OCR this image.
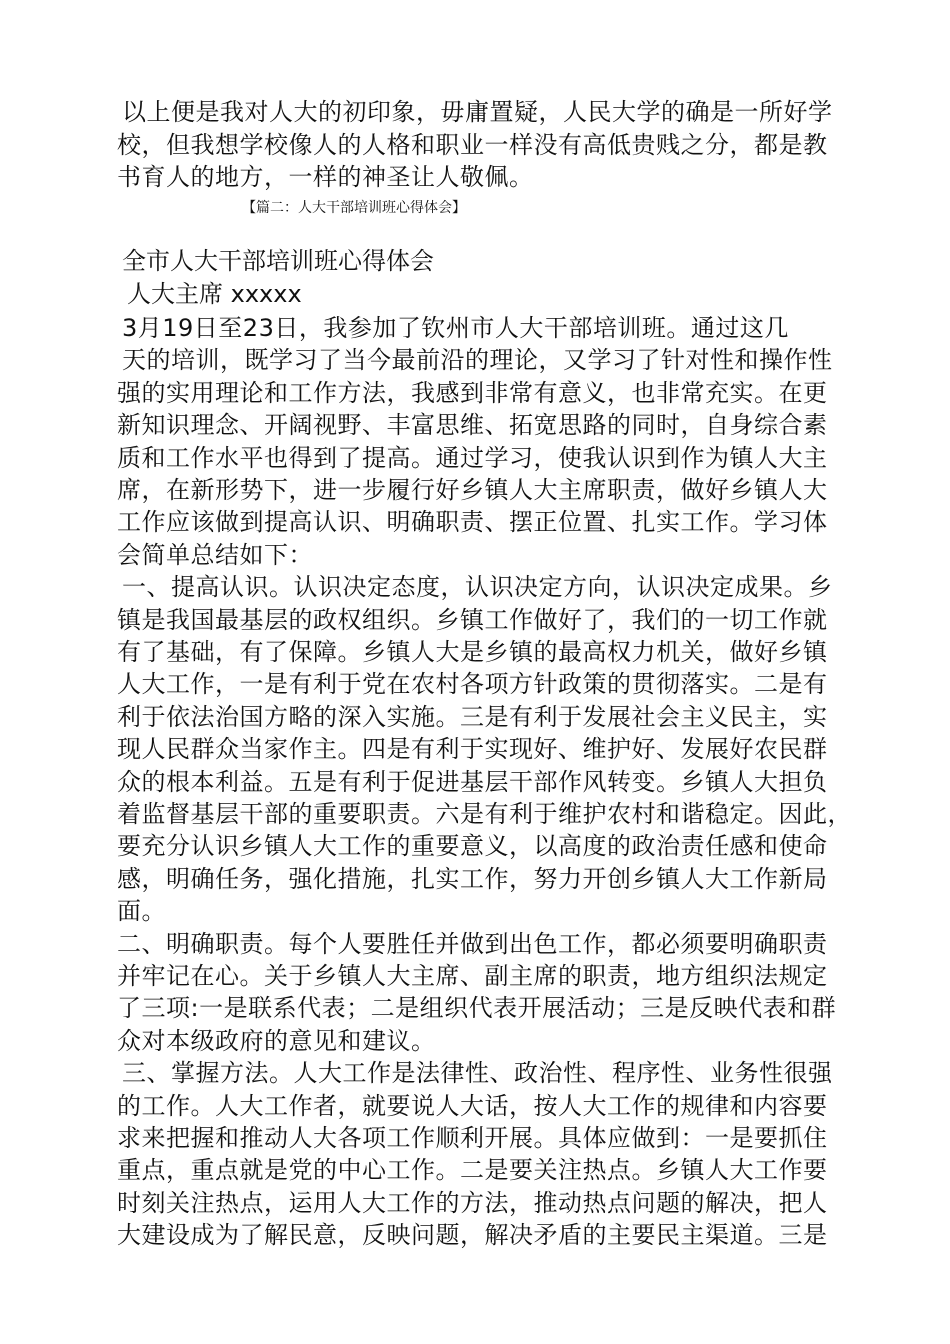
以上便是我对人大的初印象，毋庸置疑，人民大学的确是一所好学
校，但我想学校像人的人格和职业一样没有高低贵贱之分，都是教
书育人的地方，一样的神圣让人敬佩。
【篇二：人大干部培训班心得体会】
全市人大干部培训班心得体会
人大主席 xxxxx
3月19日至23日，我参加了钦州市人大干部培训班。通过这几
天的培训，既学习了当今最前沿的理论，又学习了针对性和操作性
强的实用理论和工作方法，我感到非常有意义，也非常充实。在更
新知识理念、开阔视野、丰富思维、拓宽思路的同时，自身综合素
质和工作水平也得到了提高。通过学习，使我认识到作为镇人大主
席，在新形势下，进一步履行好乡镇人大主席职责，做好乡镇人大
工作应该做到提高认识、明确职责、摆正位置、扎实工作。学习体
会简单总结如下：
一、提高认识。认识决定态度，认识决定方向，认识决定成果。乡
镇是我国最基层的政权组织。乡镇工作做好了，我们的一切工作就
有了基础，有了保障。乡镇人大是乡镇的最高权力机关，做好乡镇
人大工作，一是有利于党在农村各项方针政策的贯彻落实。二是有
利于依法治国方略的深入实施。三是有利于发展社会主义民主，实
现人民群众当家作主。四是有利于实现好、维护好、发展好农民群
众的根本利益。五是有利于促进基层干部作风转变。乡镇人大担负
着监督基层干部的重要职责。六是有利于维护农村和谐稳定。因此，
要充分认识乡镇人大工作的重要意义，以高度的政治责任感和使命
感，明确任务，强化措施，扎实工作，努力开创乡镇人大工作新局
面。
二、明确职责。每个人要胜任并做到出色工作，都必须要明确职责
并牢记在心。关于乡镇人大主席、副主席的职责，地方组织法规定
了三项:一是联系代表；二是组织代表开展活动；三是反映代表和群
众对本级政府的意见和建议。
三、掌握方法。人大工作是法律性、政治性、程序性、业务性很强
的工作。人大工作者，就要说人大话，按人大工作的规律和内容要
求来把握和推动人大各项工作顺利开展。具体应做到：一是要抓住
重点，重点就是党的中心工作。二是要关注热点。乡镇人大工作要
时刻关注热点，运用人大工作的方法，推动热点问题的解决，把人
大建设成为了解民意，反映问题，解决矛盾的主要民主渠道。三是
